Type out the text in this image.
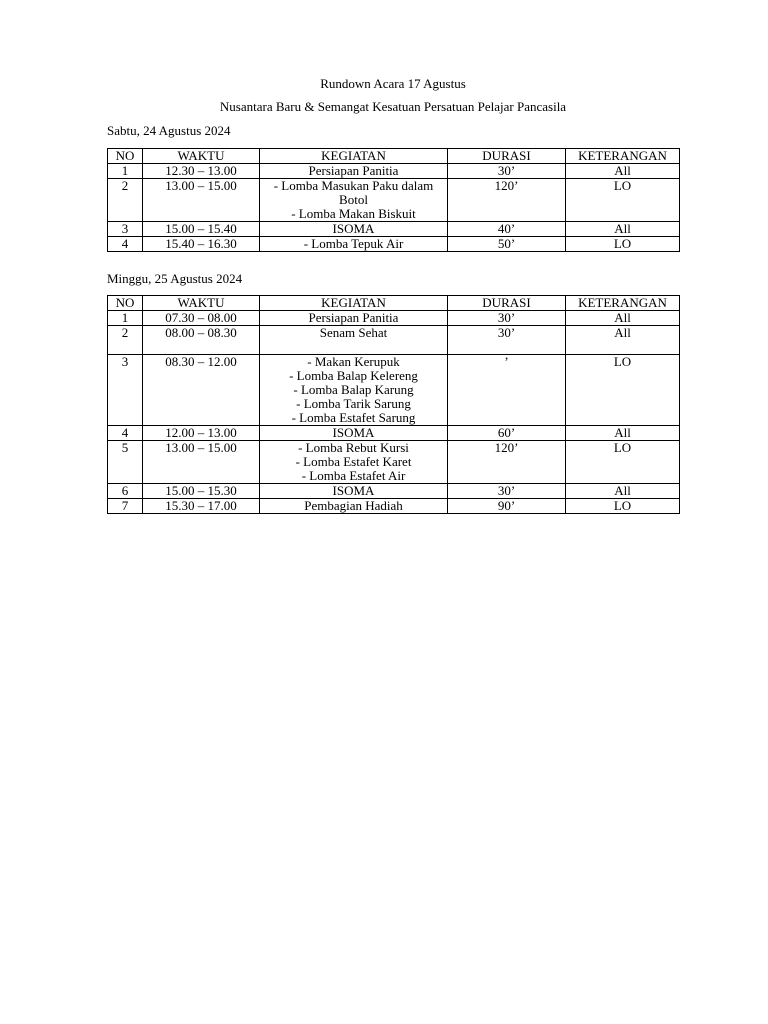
Rundown Acara 17 Agustus
Nusantara Baru & Semangat Kesatuan Persatuan Pelajar Pancasila
Sabtu, 24 Agustus 2024
NO	WAKTU	KEGIATAN	DURASI	KETERANGAN
1	12.30 – 13.00	Persiapan Panitia	30’	All
2	13.00 – 15.00	- Lomba Masukan Paku dalam
Botol
- Lomba Makan Biskuit	120’	LO
3	15.00 – 15.40	ISOMA	40’	All
4	15.40 – 16.30	- Lomba Tepuk Air	50’	LO
Minggu, 25 Agustus 2024
NO	WAKTU	KEGIATAN	DURASI	KETERANGAN
1	07.30 – 08.00	Persiapan Panitia	30’	All
2	08.00 – 08.30	Senam Sehat	30’	All
3	08.30 – 12.00	- Makan Kerupuk
- Lomba Balap Kelereng
- Lomba Balap Karung
- Lomba Tarik Sarung
- Lomba Estafet Sarung	’	LO
4	12.00 – 13.00	ISOMA	60’	All
5	13.00 – 15.00	- Lomba Rebut Kursi
- Lomba Estafet Karet
- Lomba Estafet Air	120’	LO
6	15.00 – 15.30	ISOMA	30’	All
7	15.30 – 17.00	Pembagian Hadiah	90’	LO
